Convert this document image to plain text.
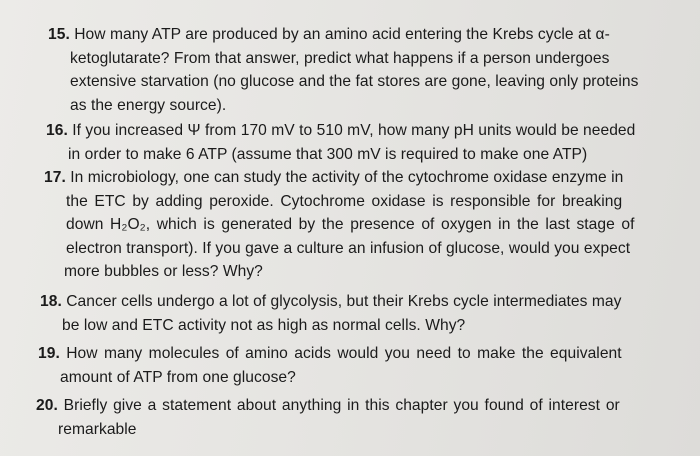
15. How many ATP are produced by an amino acid entering the Krebs cycle at α-
ketoglutarate? From that answer, predict what happens if a person undergoes
extensive starvation (no glucose and the fat stores are gone, leaving only proteins
as the energy source).
16. If you increased Ψ from 170 mV to 510 mV, how many pH units would be needed
in order to make 6 ATP (assume that 300 mV is required to make one ATP)
17. In microbiology, one can study the activity of the cytochrome oxidase enzyme in
the ETC by adding peroxide. Cytochrome oxidase is responsible for breaking
down H₂O₂, which is generated by the presence of oxygen in the last stage of
electron transport). If you gave a culture an infusion of glucose, would you expect
more bubbles or less? Why?
18. Cancer cells undergo a lot of glycolysis, but their Krebs cycle intermediates may
be low and ETC activity not as high as normal cells. Why?
19. How many molecules of amino acids would you need to make the equivalent
amount of ATP from one glucose?
20. Briefly give a statement about anything in this chapter you found of interest or
remarkable
